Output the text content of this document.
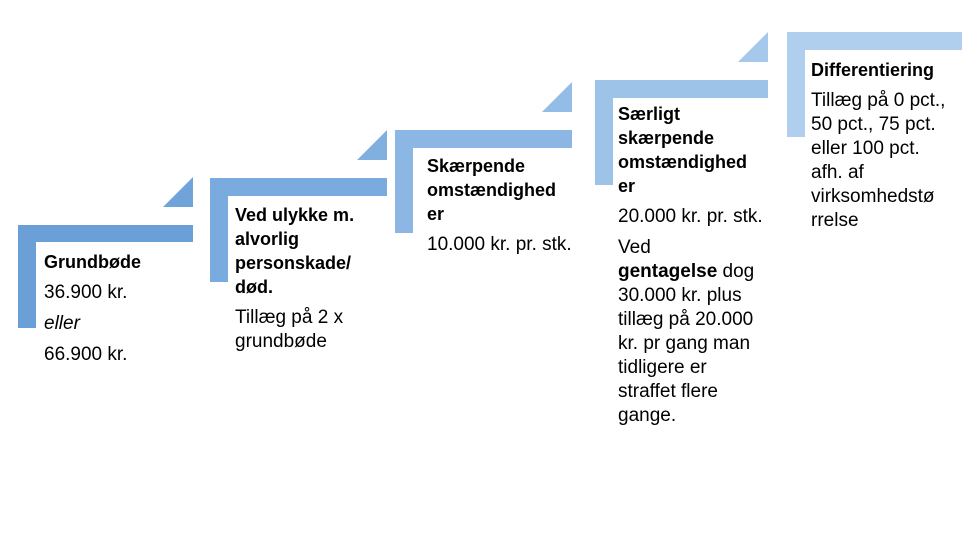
Grundbøde

36.900 kr.

eller

66.900 kr.

Ved ulykke m. alvorlig personskade/ død.

Tillæg på 2 x grundbøde

Skærpende omstændighed er

10.000 kr. pr. stk.

Særligt skærpende omstændighed er

20.000 kr. pr. stk.

Ved
gentagelse dog 30.000 kr. plus tillæg på 20.000 kr. pr gang man tidligere er straffet flere gange.

Differentiering

Tillæg på 0 pct., 50 pct., 75 pct. eller 100 pct. afh. af virksomhedstø rrelse
